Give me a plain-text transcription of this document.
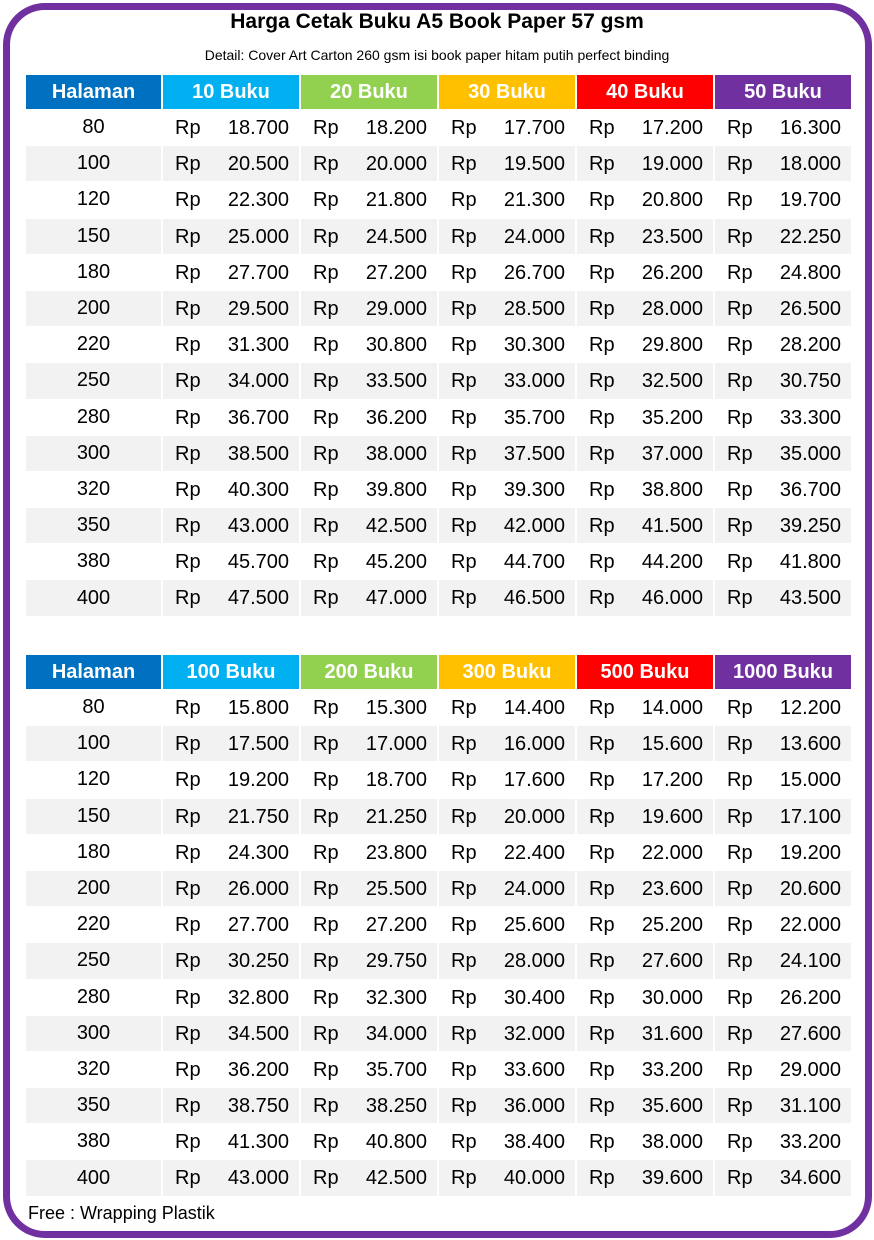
Harga Cetak Buku A5 Book Paper 57 gsm
Detail: Cover Art Carton 260 gsm isi book paper hitam putih perfect binding
Halaman	10 Buku	20 Buku	30 Buku	40 Buku	50 Buku
80	Rp 18.700	Rp 18.200	Rp 17.700	Rp 17.200	Rp 16.300

100	Rp 20.500	Rp 20.000	Rp 19.500	Rp 19.000	Rp 18.000

120	Rp 22.300	Rp 21.800	Rp 21.300	Rp 20.800	Rp 19.700

150	Rp 25.000	Rp 24.500	Rp 24.000	Rp 23.500	Rp 22.250

180	Rp 27.700	Rp 27.200	Rp 26.700	Rp 26.200	Rp 24.800

200	Rp 29.500	Rp 29.000	Rp 28.500	Rp 28.000	Rp 26.500

220	Rp 31.300	Rp 30.800	Rp 30.300	Rp 29.800	Rp 28.200

250	Rp 34.000	Rp 33.500	Rp 33.000	Rp 32.500	Rp 30.750

280	Rp 36.700	Rp 36.200	Rp 35.700	Rp 35.200	Rp 33.300

300	Rp 38.500	Rp 38.000	Rp 37.500	Rp 37.000	Rp 35.000

320	Rp 40.300	Rp 39.800	Rp 39.300	Rp 38.800	Rp 36.700

350	Rp 43.000	Rp 42.500	Rp 42.000	Rp 41.500	Rp 39.250

380	Rp 45.700	Rp 45.200	Rp 44.700	Rp 44.200	Rp 41.800

400	Rp 47.500	Rp 47.000	Rp 46.500	Rp 46.000	Rp 43.500
Halaman	100 Buku	200 Buku	300 Buku	500 Buku	1000 Buku
80	Rp 15.800	Rp 15.300	Rp 14.400	Rp 14.000	Rp 12.200

100	Rp 17.500	Rp 17.000	Rp 16.000	Rp 15.600	Rp 13.600

120	Rp 19.200	Rp 18.700	Rp 17.600	Rp 17.200	Rp 15.000

150	Rp 21.750	Rp 21.250	Rp 20.000	Rp 19.600	Rp 17.100

180	Rp 24.300	Rp 23.800	Rp 22.400	Rp 22.000	Rp 19.200

200	Rp 26.000	Rp 25.500	Rp 24.000	Rp 23.600	Rp 20.600

220	Rp 27.700	Rp 27.200	Rp 25.600	Rp 25.200	Rp 22.000

250	Rp 30.250	Rp 29.750	Rp 28.000	Rp 27.600	Rp 24.100

280	Rp 32.800	Rp 32.300	Rp 30.400	Rp 30.000	Rp 26.200

300	Rp 34.500	Rp 34.000	Rp 32.000	Rp 31.600	Rp 27.600

320	Rp 36.200	Rp 35.700	Rp 33.600	Rp 33.200	Rp 29.000

350	Rp 38.750	Rp 38.250	Rp 36.000	Rp 35.600	Rp 31.100

380	Rp 41.300	Rp 40.800	Rp 38.400	Rp 38.000	Rp 33.200

400	Rp 43.000	Rp 42.500	Rp 40.000	Rp 39.600	Rp 34.600
Free : Wrapping Plastik
